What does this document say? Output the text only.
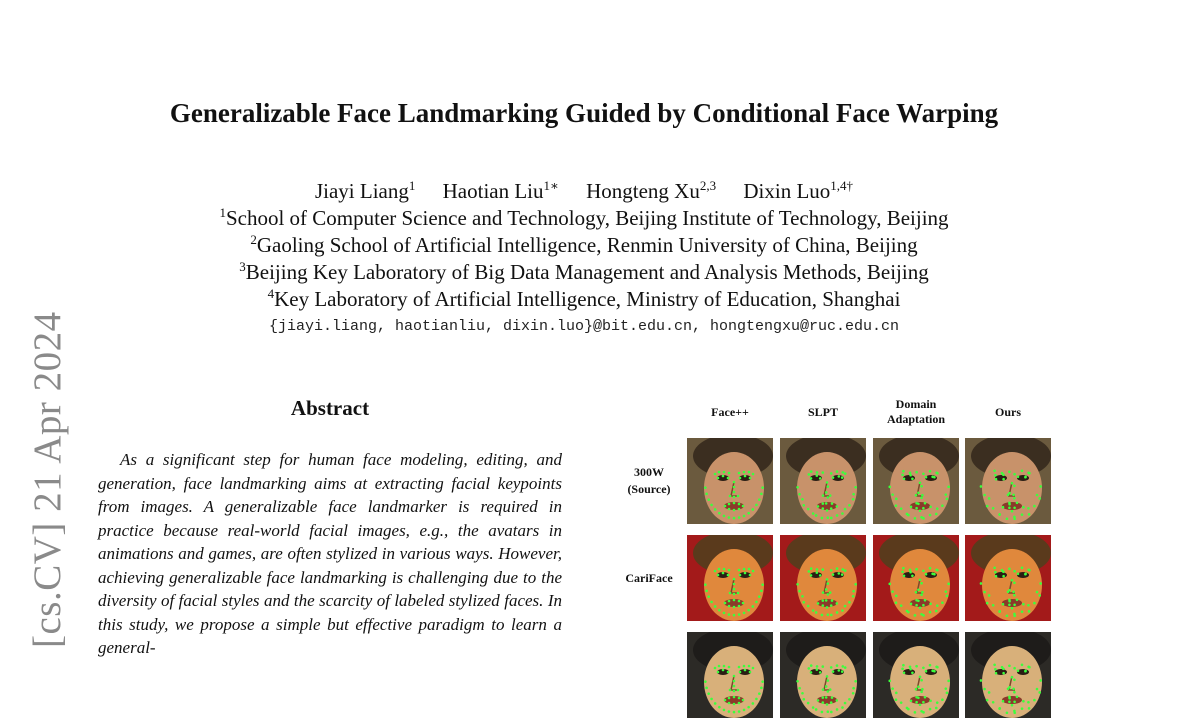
[cs.CV] 21 Apr 2024
Generalizable Face Landmarking Guided by Conditional Face Warping
Jiayi Liang$^1$ Haotian Liu$^{1∗}$ Hongteng Xu$^{2,3}$ Dixin Luo$^{1,4\dagger}$
$^1$School of Computer Science and Technology, Beijing Institute of Technology, Beijing
$^2$Gaoling School of Artificial Intelligence, Renmin University of China, Beijing
$^3$Beijing Key Laboratory of Big Data Management and Analysis Methods, Beijing
$^4$Key Laboratory of Artificial Intelligence, Ministry of Education, Shanghai
{jiayi.liang, haotianliu, dixin.luo}@bit.edu.cn, hongtengxu@ruc.edu.cn
Abstract

As a significant step for human face modeling, editing, and generation, face landmarking aims at extracting facial keypoints from images. A generalizable face landmarker is required in practice because real-world facial images, e.g., the avatars in animations and games, are often stylized in various ways. However, achieving generalizable face landmarking is challenging due to the diversity of facial styles and the scarcity of labeled stylized faces. In this study, we propose a simple but effective paradigm to learn a general-

Face++	SLPT
Domain
Adaptation	Ours
300W
(Source)
CariFace
